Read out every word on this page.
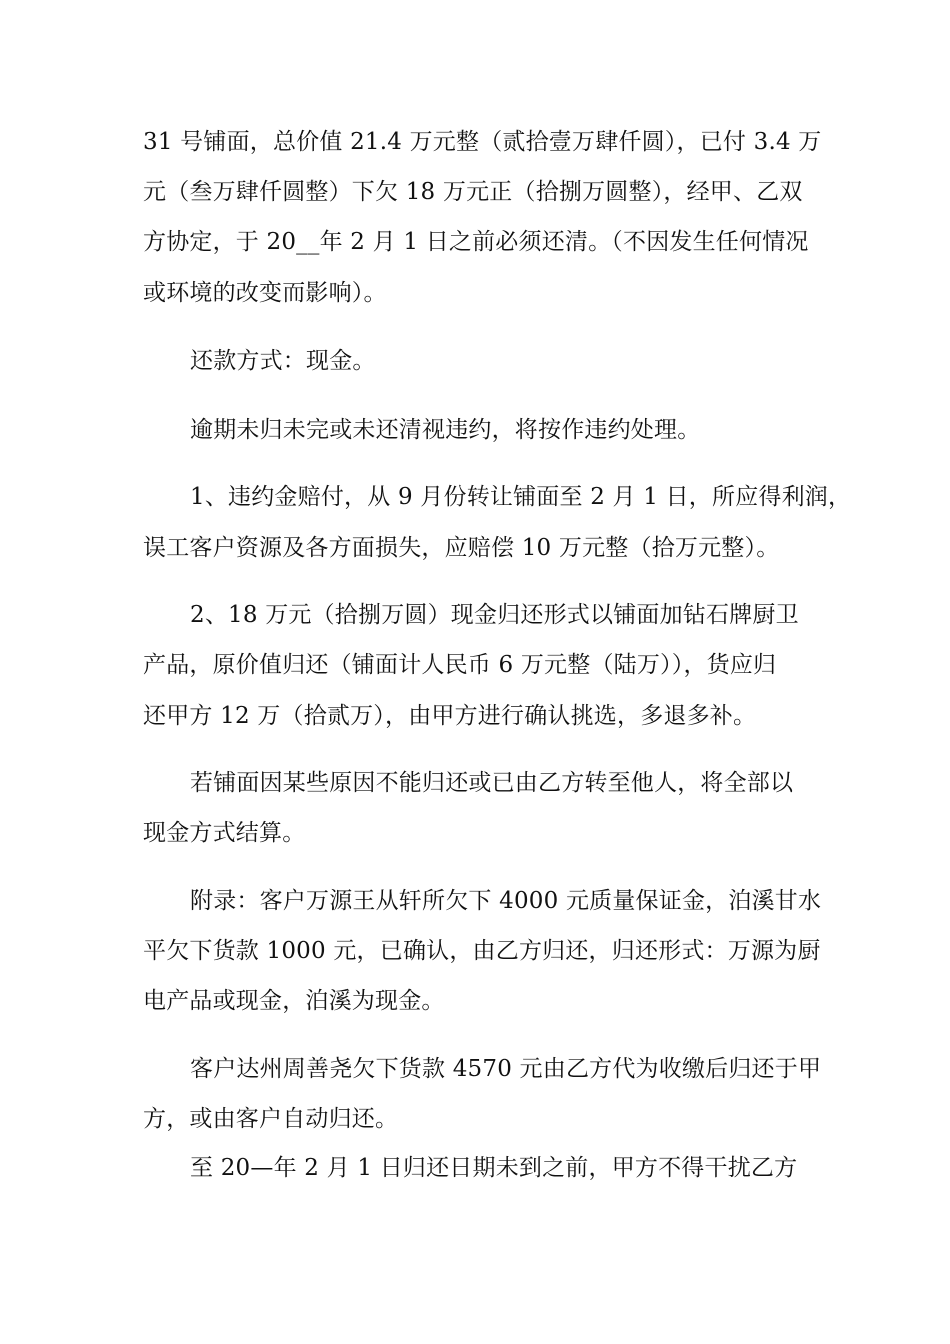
31 号铺面，总价值 21.4 万元整（贰拾壹万肆仟圆），已付 3.4 万
元（叁万肆仟圆整）下欠 18 万元正（拾捌万圆整），经甲、乙双
方协定，于 20__年 2 月 1 日之前必须还清。（不因发生任何情况
或环境的改变而影响）。
还款方式：现金。
逾期未归未完或未还清视违约，将按作违约处理。
1、违约金赔付，从 9 月份转让铺面至 2 月 1 日，所应得利润，
误工客户资源及各方面损失，应赔偿 10 万元整（拾万元整）。
2、18 万元（拾捌万圆）现金归还形式以铺面加钻石牌厨卫
产品，原价值归还（铺面计人民币 6 万元整（陆万）），货应归
还甲方 12 万（拾贰万），由甲方进行确认挑选，多退多补。
若铺面因某些原因不能归还或已由乙方转至他人，将全部以
现金方式结算。
附录：客户万源王从轩所欠下 4000 元质量保证金，泊溪甘水
平欠下货款 1000 元，已确认，由乙方归还，归还形式：万源为厨
电产品或现金，泊溪为现金。
客户达州周善尧欠下货款 4570 元由乙方代为收缴后归还于甲
方，或由客户自动归还。
至 20—年 2 月 1 日归还日期未到之前，甲方不得干扰乙方
